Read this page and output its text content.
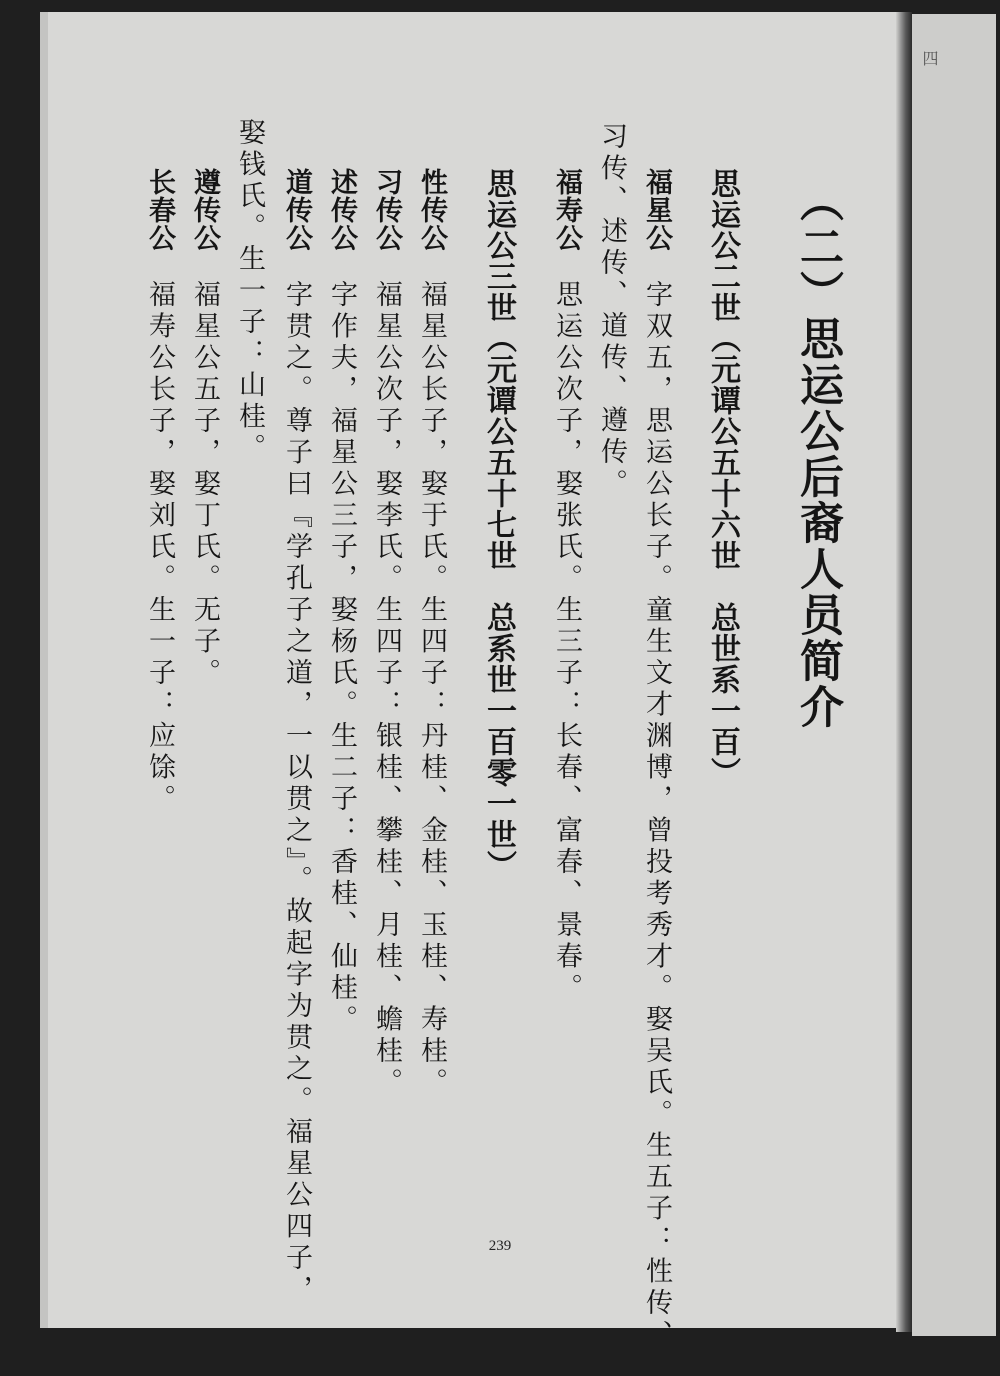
四
（二）思运公后裔人员简介
思运公二世（元谭公五十六世　总世系一百）
福星公字双五，思运公长子。童生文才渊博，曾投考秀才。娶吴氏。生五子：性传、
习传、述传、道传、遵传。
福寿公思运公次子，娶张氏。生三子：长春、富春、景春。
思运公三世（元谭公五十七世　总系世一百零一世）
性传公福星公长子，娶于氏。生四子：丹桂、金桂、玉桂、寿桂。
习传公福星公次子，娶李氏。生四子：银桂、攀桂、月桂、蟾桂。
述传公字作夫，福星公三子，娶杨氏。生二子：香桂、仙桂。
道传公字贯之。尊子曰『学孔子之道，一以贯之』。故起字为贯之。福星公四子，
娶钱氏。生一子：山桂。
遵传公福星公五子，娶丁氏。无子。
长春公福寿公长子，娶刘氏。生一子：应馀。
239
